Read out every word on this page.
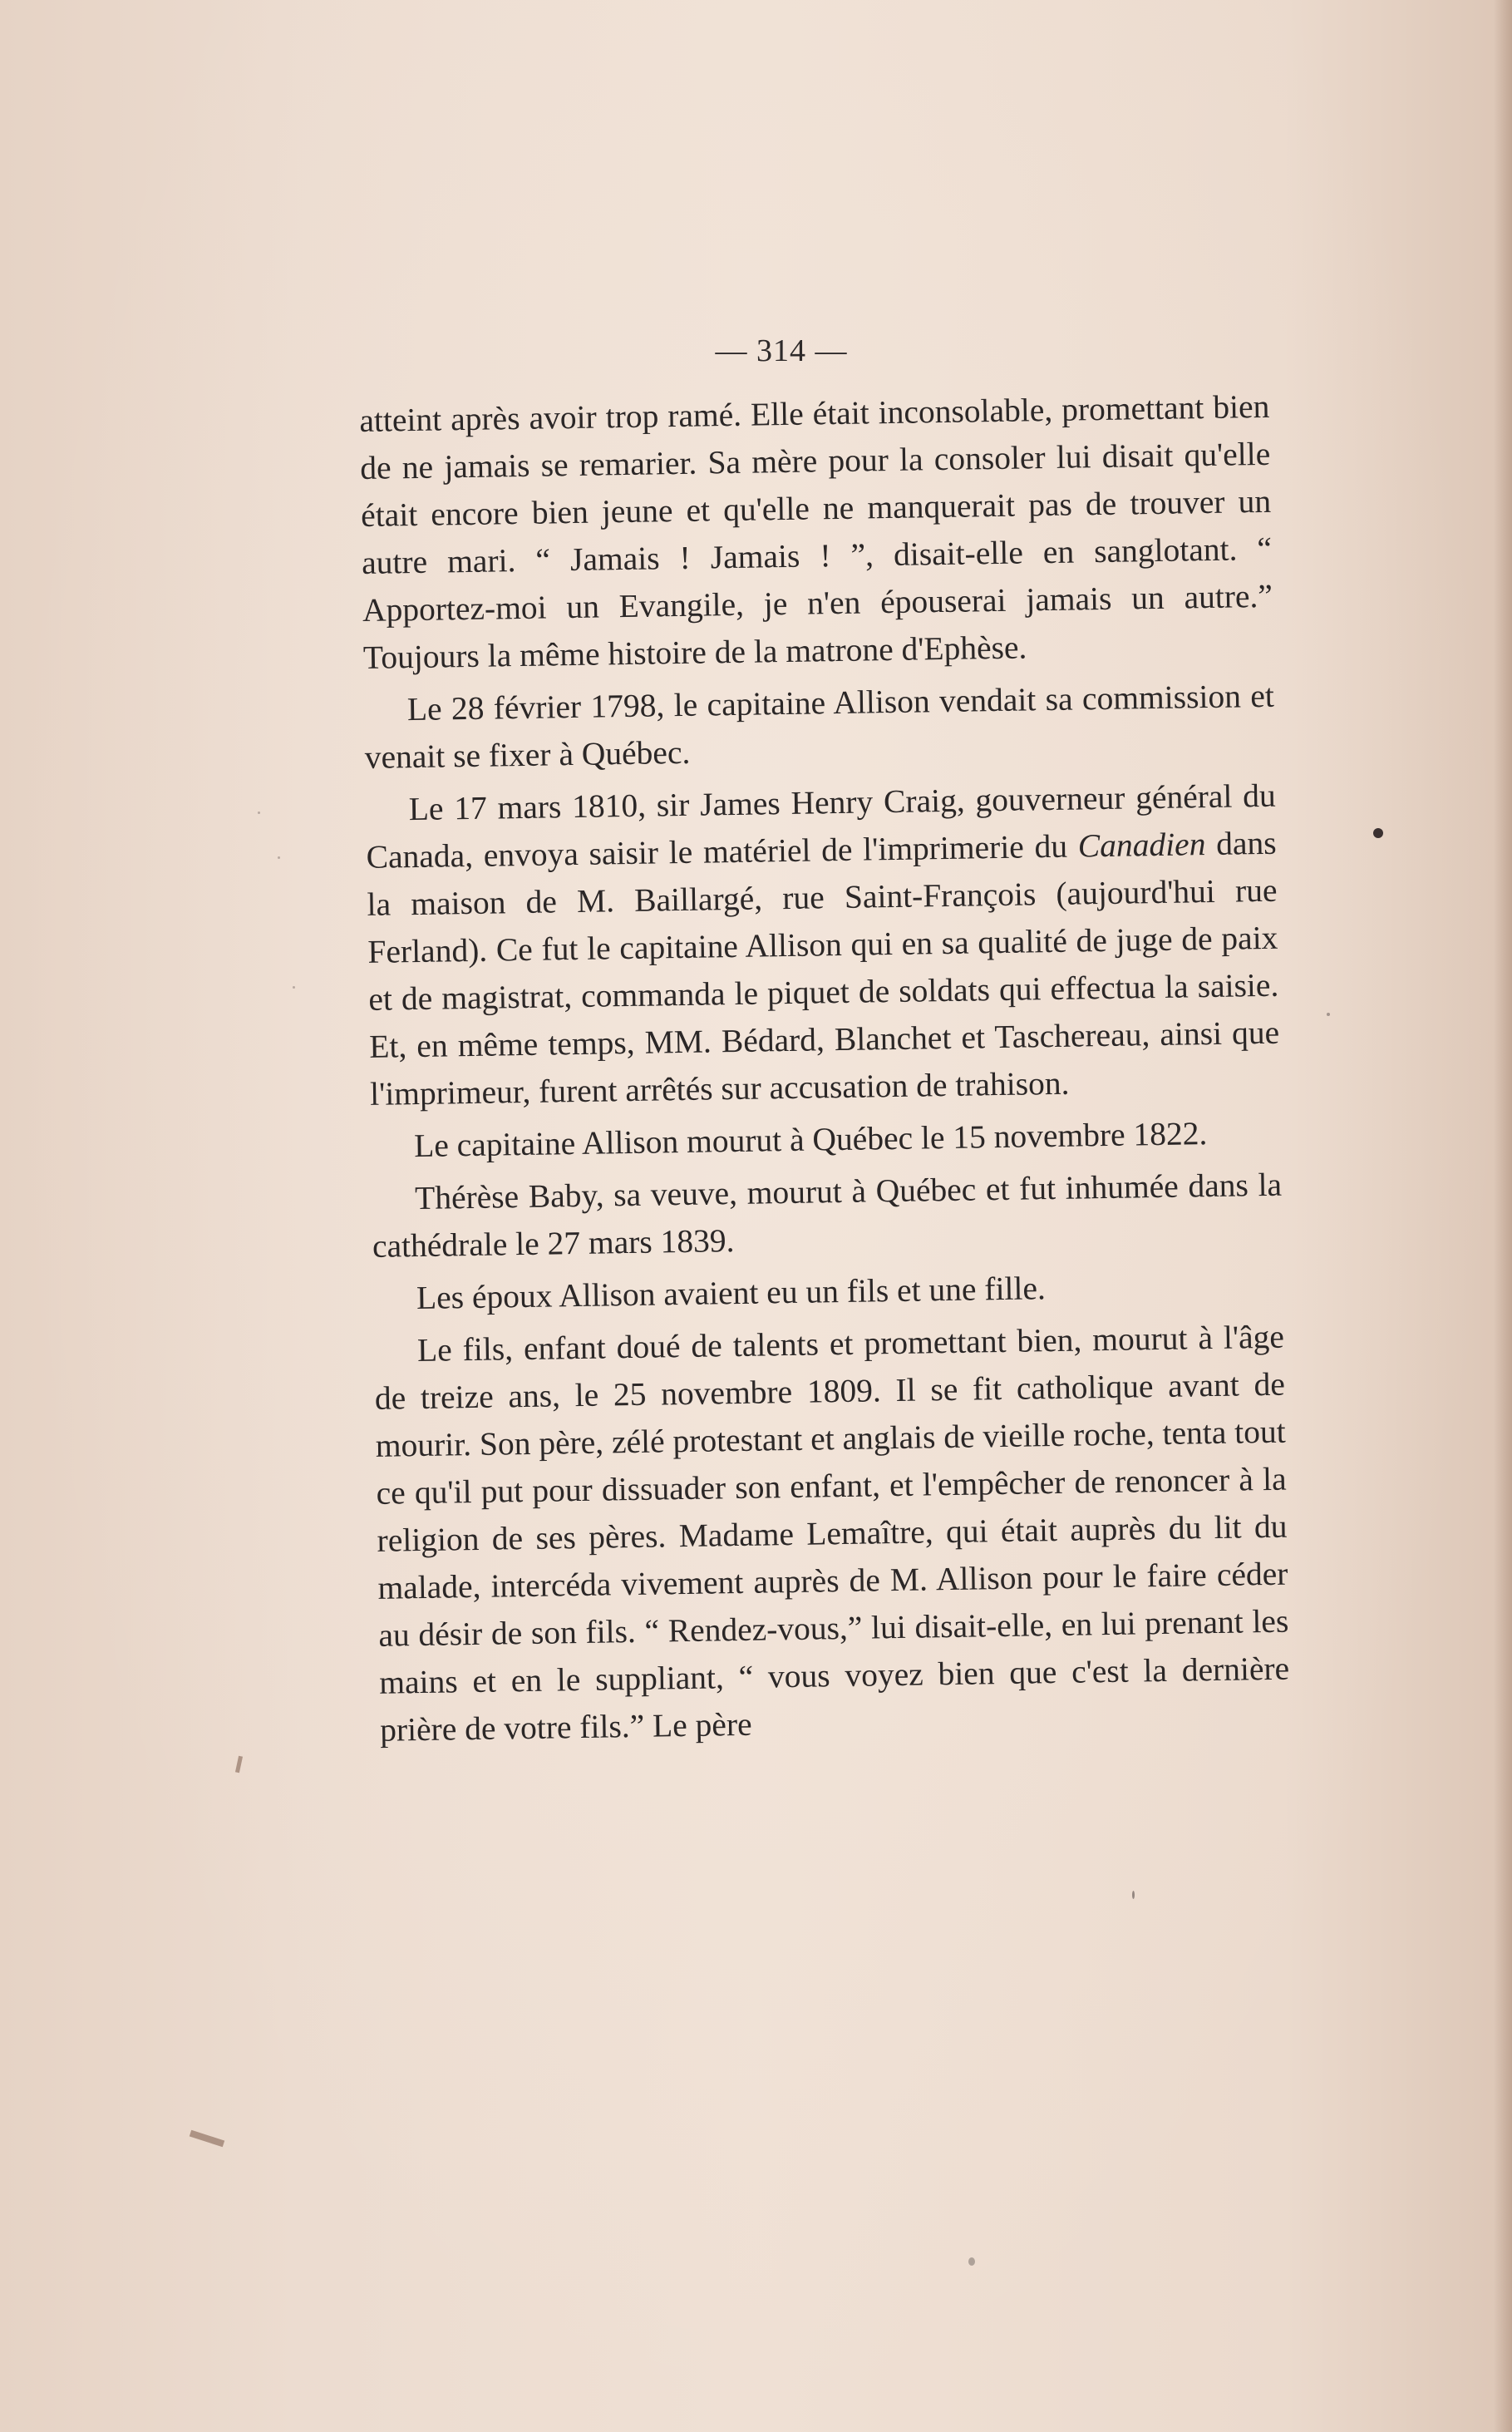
— 314 —

atteint après avoir trop ramé. Elle était inconsolable, promettant bien de ne jamais se remarier. Sa mère pour la consoler lui disait qu'elle était encore bien jeune et qu'elle ne manquerait pas de trouver un autre mari. “ Jamais ! Jamais ! ”, disait-elle en sanglotant. “ Apportez-moi un Evangile, je n'en épouserai jamais un autre.” Toujours la même histoire de la matrone d'Ephèse.

Le 28 février 1798, le capitaine Allison vendait sa commission et venait se fixer à Québec.

Le 17 mars 1810, sir James Henry Craig, gouverneur général du Canada, envoya saisir le matériel de l'imprimerie du Canadien dans la maison de M. Baillargé, rue Saint-François (aujourd'hui rue Ferland). Ce fut le capitaine Allison qui en sa qualité de juge de paix et de magistrat, commanda le piquet de soldats qui effectua la saisie. Et, en même temps, MM. Bédard, Blanchet et Taschereau, ainsi que l'imprimeur, furent arrêtés sur accusation de trahison.

Le capitaine Allison mourut à Québec le 15 novembre 1822.

Thérèse Baby, sa veuve, mourut à Québec et fut inhumée dans la cathédrale le 27 mars 1839.

Les époux Allison avaient eu un fils et une fille.

Le fils, enfant doué de talents et promettant bien, mourut à l'âge de treize ans, le 25 novembre 1809. Il se fit catholique avant de mourir. Son père, zélé protestant et anglais de vieille roche, tenta tout ce qu'il put pour dissuader son enfant, et l'empêcher de renoncer à la religion de ses pères. Madame Lemaître, qui était auprès du lit du malade, intercéda vivement auprès de M. Allison pour le faire céder au désir de son fils. “ Rendez-vous,” lui disait-elle, en lui prenant les mains et en le suppliant, “ vous voyez bien que c'est la dernière prière de votre fils.” Le père
